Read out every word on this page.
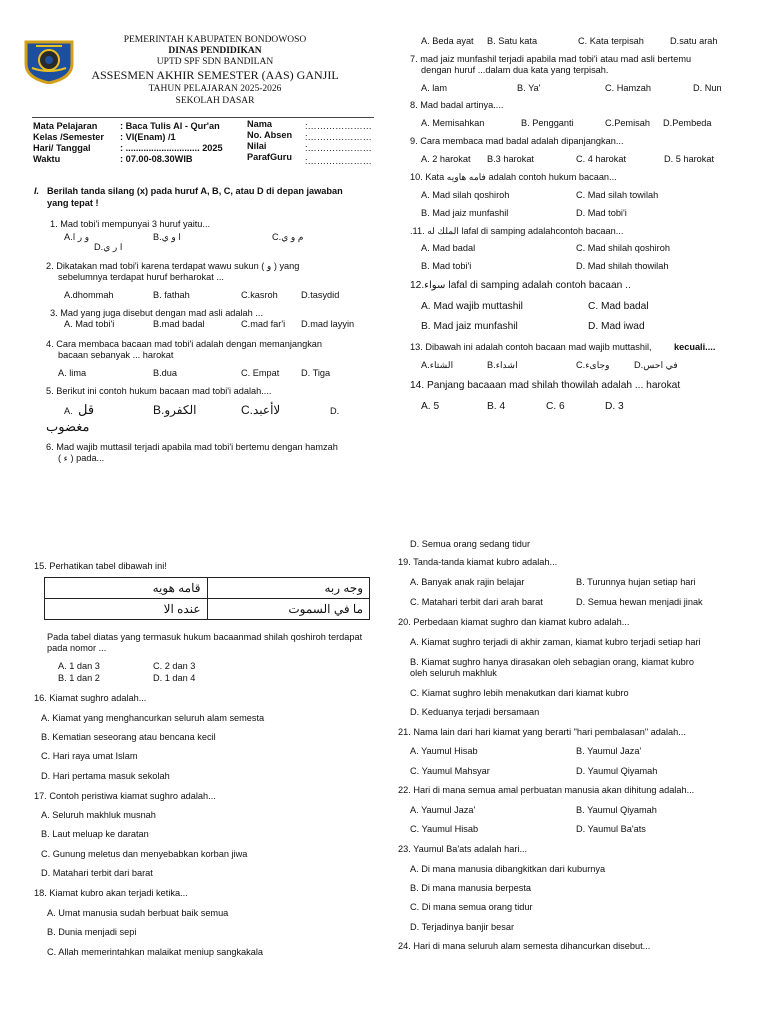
PEMERINTAH KABUPATEN BONDOWOSO
DINAS PENDIDIKAN
UPTD SPF SDN BANDILAN
ASSESMEN AKHIR SEMESTER (AAS) GANJIL
TAHUN PELAJARAN 2025-2026
SEKOLAH DASAR
Mata Pelajaran : Baca Tulis Al - Qur'an
Kelas /Semester : VI(Enam) /1
Hari/ Tanggal	: ............................. 2025
Waktu	: 07.00-08.30WIB
Nama	:…………………
No. Absen :…………………
Nilai	:…………………
ParafGuru :…………………
I. Berilah tanda silang (x) pada huruf A, B, C, atau D di depan jawaban
yang tepat !
1. Mad tobi'i mempunyai 3 huruf yaitu...
A.و ر ا	B.ا و ي	C.م و ي
D.ا ر ي
2. Dikatakan mad tobi'i karena terdapat wawu sukun ( و ) yang
sebelumnya terdapat huruf berharokat ...
A.dhommah	B. fathah	C.kasroh	D.tasydid
3. Mad yang juga disebut dengan mad asli adalah ...
A. Mad tobi'i	B.mad badal	C.mad far'i D.mad layyin
4. Cara membaca bacaan mad tobi'i adalah dengan memanjangkan
bacaan sebanyak ... harokat
A. lima	B.dua	C. Empat D. Tiga
5. Berikut ini contoh hukum bacaan mad tobi'i adalah....
6. Mad wajib muttasil terjadi apabila mad tobi'i bertemu dengan hamzah
( ء ) pada...
15. Perhatikan tabel dibawah ini!
Pada tabel diatas yang termasuk hukum bacaanmad shilah qoshiroh terdapat
pada nomor ...
A. 1 dan 3	C. 2 dan 3
B. 1 dan 2	D. 1 dan 4
16. Kiamat sughro adalah...
A. Kiamat yang menghancurkan seluruh alam semesta
B. Kematian seseorang atau bencana kecil
C. Hari raya umat Islam
D. Hari pertama masuk sekolah
17. Contoh peristiwa kiamat sughro adalah...
A. Seluruh makhluk musnah
B. Laut meluap ke daratan
C. Gunung meletus dan menyebabkan korban jiwa
D. Matahari terbit dari barat
18. Kiamat kubro akan terjadi ketika...
A. Umat manusia sudah berbuat baik semua
B. Dunia menjadi sepi
C. Allah memerintahkan malaikat meniup sangkakala
A. قل	B.الكفرو	C.لاأعبد	D.
مغضوب
قامه هويه	وجه ربه
عنده الا	ما في السموت
A. Beda ayat B. Satu kata	C. Kata terpisah	D.satu arah
7. mad jaiz munfashil terjadi apabila mad tobi'i atau mad asli bertemu
dengan huruf ...dalam dua kata yang terpisah.
A. lam	B. Ya'	C. Hamzah	D. Nun
8. Mad badal artinya....
A. Memisahkan	B. Pengganti	C.Pemisah D.Pembeda
9. Cara membaca mad badal adalah dipanjangkan...
A. 2 harokat B.3 harokat	C. 4 harokat	D. 5 harokat
10. Kata فامه هاويه adalah contoh hukum bacaan...
A. Mad silah qoshiroh	C. Mad silah towilah
B. Mad jaiz munfashil	D. Mad tobi'i
.11. الملك له lafal di samping adalahcontoh bacaan...
A. Mad badal	C. Mad shilah qoshiroh
B. Mad tobi'i	D. Mad shilah thowilah
13. Dibawah ini adalah contoh bacaan mad wajib muttashil,
A.الشتاء	B.اشداء	C.وجاىء	D.في احس
D. Semua orang sedang tidur
19. Tanda-tanda kiamat kubro adalah...
A. Banyak anak rajin belajar	B. Turunnya hujan setiap hari
C. Matahari terbit dari arah barat	D. Semua hewan menjadi jinak
20. Perbedaan kiamat sughro dan kiamat kubro adalah...
A. Kiamat sughro terjadi di akhir zaman, kiamat kubro terjadi setiap hari
B. Kiamat sughro hanya dirasakan oleh sebagian orang, kiamat kubro
oleh seluruh makhluk
C. Kiamat sughro lebih menakutkan dari kiamat kubro
D. Keduanya terjadi bersamaan
21. Nama lain dari hari kiamat yang berarti "hari pembalasan" adalah...
A. Yaumul Hisab	B. Yaumul Jaza'
C. Yaumul Mahsyar	D. Yaumul Qiyamah
22. Hari di mana semua amal perbuatan manusia akan dihitung adalah...
A. Yaumul Jaza'	B. Yaumul Qiyamah
C. Yaumul Hisab	D. Yaumul Ba'ats
23. Yaumul Ba'ats adalah hari...
A. Di mana manusia dibangkitkan dari kuburnya
B. Di mana manusia berpesta
C. Di mana semua orang tidur
D. Terjadinya banjir besar
24. Hari di mana seluruh alam semesta dihancurkan disebut...
12.سواء lafal di samping adalah contoh bacaan ..
A. Mad wajib muttashil	C. Mad badal
B. Mad jaiz munfashil	D. Mad iwad
14. Panjang bacaaan mad shilah thowilah adalah ... harokat
A. 5	B. 4	C. 6	D. 3
kecuali....
